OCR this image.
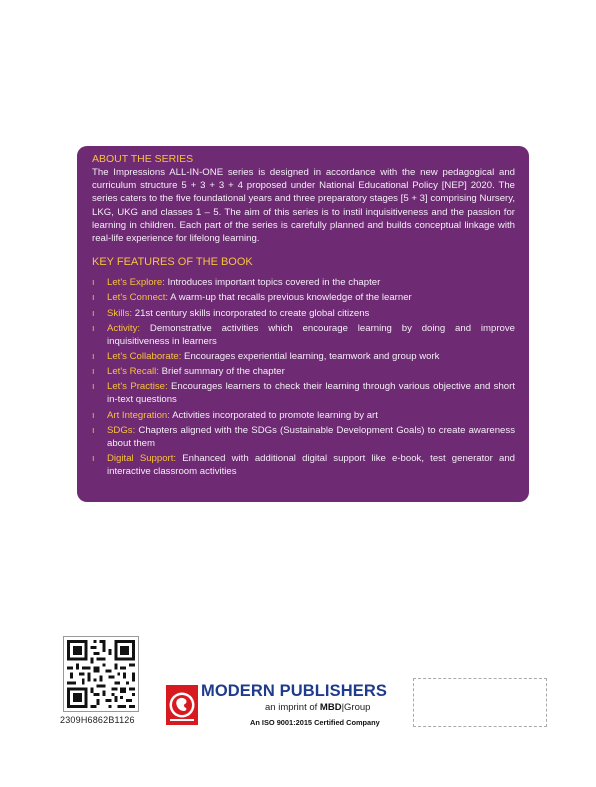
ABOUT THE SERIES

The Impressions ALL-IN-ONE series is designed in accordance with the new pedagogical and curriculum structure 5 + 3 + 3 + 4 proposed under National Educational Policy [NEP] 2020. The series caters to the five foundational years and three preparatory stages [5 + 3] comprising Nursery, LKG, UKG and classes 1 – 5. The aim of this series is to instil inquisitiveness and the passion for learning in children. Each part of the series is carefully planned and builds conceptual linkage with real-life experience for lifelong learning.

KEY FEATURES OF THE BOOK
ı	Let's Explore: Introduces important topics covered in the chapter
ı	Let's Connect: A warm-up that recalls previous knowledge of the learner
ı	Skills: 21st century skills incorporated to create global citizens
ı	Activity: Demonstrative activities which encourage learning by doing and improve inquisitiveness in learners
ı	Let's Collaborate: Encourages experiential learning, teamwork and group work
ı	Let's Recall: Brief summary of the chapter
ı	Let's Practise: Encourages learners to check their learning through various objective and short in-text questions
ı	Art Integration: Activities incorporated to promote learning by art
ı	SDGs: Chapters aligned with the SDGs (Sustainable Development Goals) to create awareness about them
ı	Digital Support: Enhanced with additional digital support like e-book, test generator and interactive classroom activities
2309H6862B1126
MODERN PUBLISHERS
an imprint of MBD|Group
An ISO 9001:2015 Certified Company
